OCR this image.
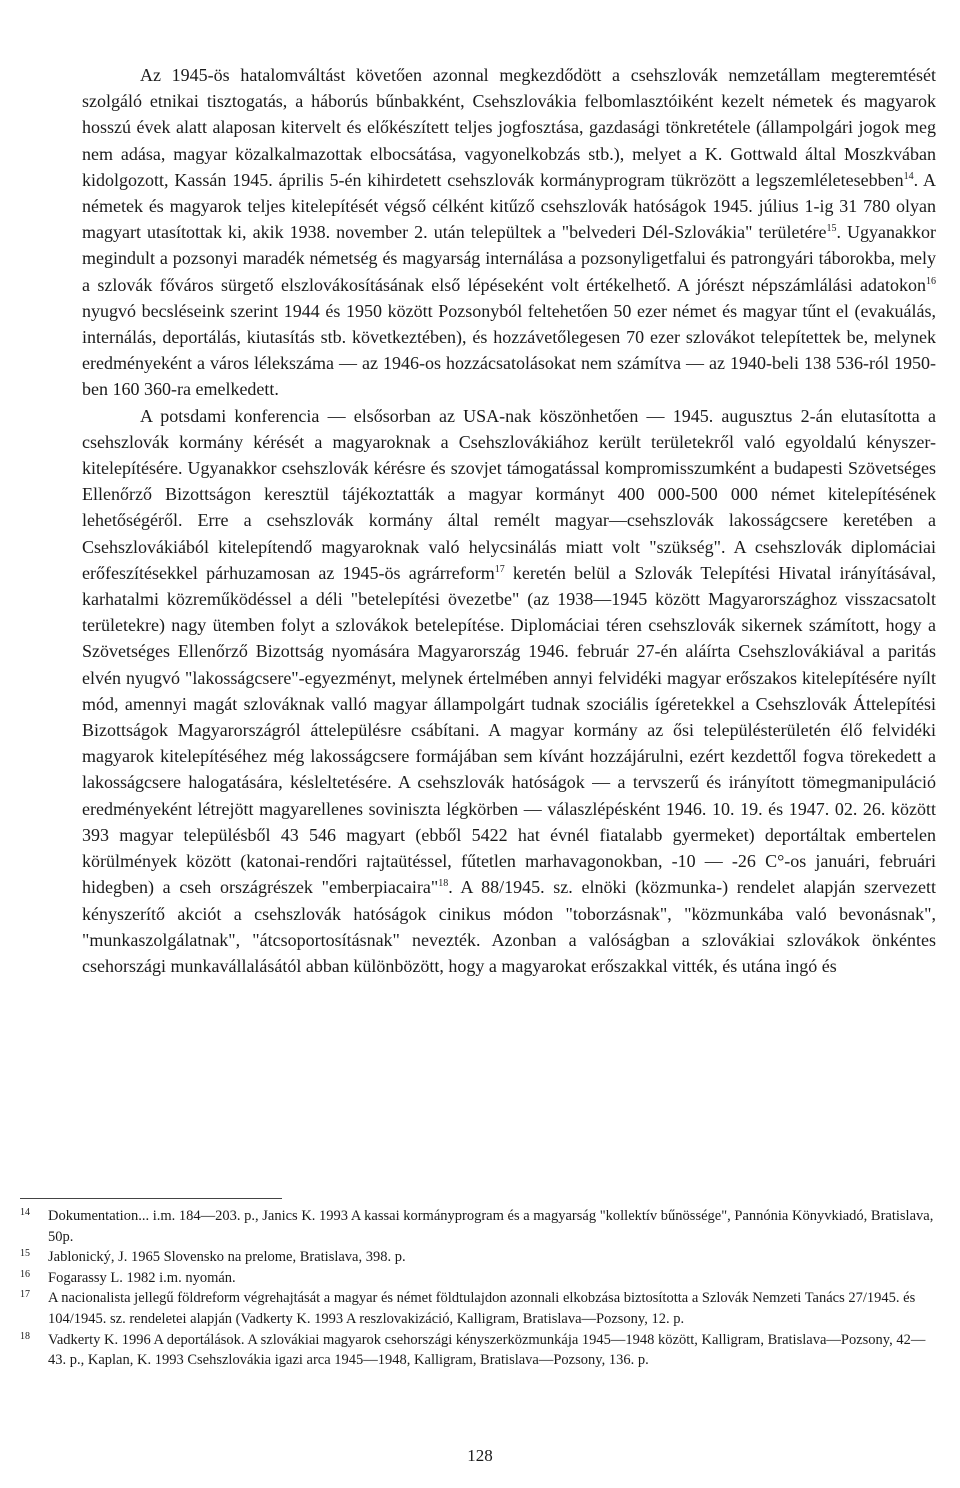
Az 1945-ös hatalomváltást követően azonnal megkezdődött a csehszlovák nemzetállam megteremtését szolgáló etnikai tisztogatás, a háborús bűnbakként, Csehszlovákia felbomlasztóiként kezelt németek és magyarok hosszú évek alatt alaposan kitervelt és előkészített teljes jogfosztása, gazdasági tönkretétele (állampolgári jogok meg nem adása, magyar közalkalmazottak elbocsátása, vagyonelkobzás stb.), melyet a K. Gottwald által Moszkvában kidolgozott, Kassán 1945. április 5-én kihirdetett csehszlovák kormányprogram tükrözött a legszemléletesebben$^{14}$. A németek és magyarok teljes kitelepítését végső célként kitűző csehszlovák hatóságok 1945. július 1-ig 31 780 olyan magyart utasítottak ki, akik 1938. november 2. után települtek a "belvederi Dél-Szlovákia" területére$^{15}$. Ugyanakkor megindult a pozsonyi maradék németség és magyarság internálása a pozsonyligetfalui és patrongyári táborokba, mely a szlovák főváros sürgető elszlovákosításának első lépéseként volt értékelhető. A jórészt népszámlálási adatokon$^{16}$ nyugvó becsléseink szerint 1944 és 1950 között Pozsonyból feltehetően 50 ezer német és magyar tűnt el (evakuálás, internálás, deportálás, kiutasítás stb. következtében), és hozzávetőlegesen 70 ezer szlovákot telepítettek be, melynek eredményeként a város lélekszáma — az 1946-os hozzácsatolásokat nem számítva — az 1940-beli 138 536-ról 1950-ben 160 360-ra emelkedett.

A potsdami konferencia — elsősorban az USA-nak köszönhetően — 1945. augusztus 2-án elutasította a csehszlovák kormány kérését a magyaroknak a Csehszlovákiához került területekről való egyoldalú kényszer-kitelepítésére. Ugyanakkor csehszlovák kérésre és szovjet támogatással kompromisszumként a budapesti Szövetséges Ellenőrző Bizottságon keresztül tájékoztatták a magyar kormányt 400 000-500 000 német kitelepítésének lehetőségéről. Erre a csehszlovák kormány által remélt magyar—csehszlovák lakosságcsere keretében a Csehszlovákiából kitelepítendő magyaroknak való helycsinálás miatt volt "szükség". A csehszlovák diplomáciai erőfeszítésekkel párhuzamosan az 1945-ös agrárreform$^{17}$ keretén belül a Szlovák Telepítési Hivatal irányításával, karhatalmi közreműködéssel a déli "betelepítési övezetbe" (az 1938—1945 között Magyarországhoz visszacsatolt területekre) nagy ütemben folyt a szlovákok betelepítése. Diplomáciai téren csehszlovák sikernek számított, hogy a Szövetséges Ellenőrző Bizottság nyomására Magyarország 1946. február 27-én aláírta Csehszlovákiával a paritás elvén nyugvó "lakosságcsere"-egyezményt, melynek értelmében annyi felvidéki magyar erőszakos kitelepítésére nyílt mód, amennyi magát szlováknak valló magyar állampolgárt tudnak szociális ígéretekkel a Csehszlovák Áttelepítési Bizottságok Magyarországról áttelepülésre csábítani. A magyar kormány az ősi településterületén élő felvidéki magyarok kitelepítéséhez még lakosságcsere formájában sem kívánt hozzájárulni, ezért kezdettől fogva törekedett a lakosságcsere halogatására, késleltetésére. A csehszlovák hatóságok — a tervszerű és irányított tömegmanipuláció eredményeként létrejött magyarellenes soviniszta légkörben — válaszlépésként 1946. 10. 19. és 1947. 02. 26. között 393 magyar településből 43 546 magyart (ebből 5422 hat évnél fiatalabb gyermeket) deportáltak embertelen körülmények között (katonai-rendőri rajtaütéssel, fűtetlen marhavagonokban, -10 — -26 C°-os januári, februári hidegben) a cseh országrészek "emberpiacaira"$^{18}$. A 88/1945. sz. elnöki (közmunka-) rendelet alapján szervezett kényszerítő akciót a csehszlovák hatóságok cinikus módon "toborzásnak", "közmunkába való bevonásnak", "munkaszolgálatnak", "átcsoportosításnak" nevezték. Azonban a valóságban a szlovákiai szlovákok önkéntes csehországi munkavállalásától abban különbözött, hogy a magyarokat erőszakkal vitték, és utána ingó és

14 Dokumentation... i.m. 184—203. p., Janics K. 1993 A kassai kormányprogram és a magyarság "kollektív bűnössége", Pannónia Könyvkiadó, Bratislava, 50p.

15 Jablonický, J. 1965 Slovensko na prelome, Bratislava, 398. p.

16 Fogarassy L. 1982 i.m. nyomán.

17 A nacionalista jellegű földreform végrehajtását a magyar és német földtulajdon azonnali elkobzása biztosította a Szlovák Nemzeti Tanács 27/1945. és 104/1945. sz. rendeletei alapján (Vadkerty K. 1993 A reszlovakizáció, Kalligram, Bratislava—Pozsony, 12. p.

18 Vadkerty K. 1996 A deportálások. A szlovákiai magyarok csehországi kényszerközmunkája 1945—1948 között, Kalligram, Bratislava—Pozsony, 42—43. p., Kaplan, K. 1993 Csehszlovákia igazi arca 1945—1948, Kalligram, Bratislava—Pozsony, 136. p.

128
